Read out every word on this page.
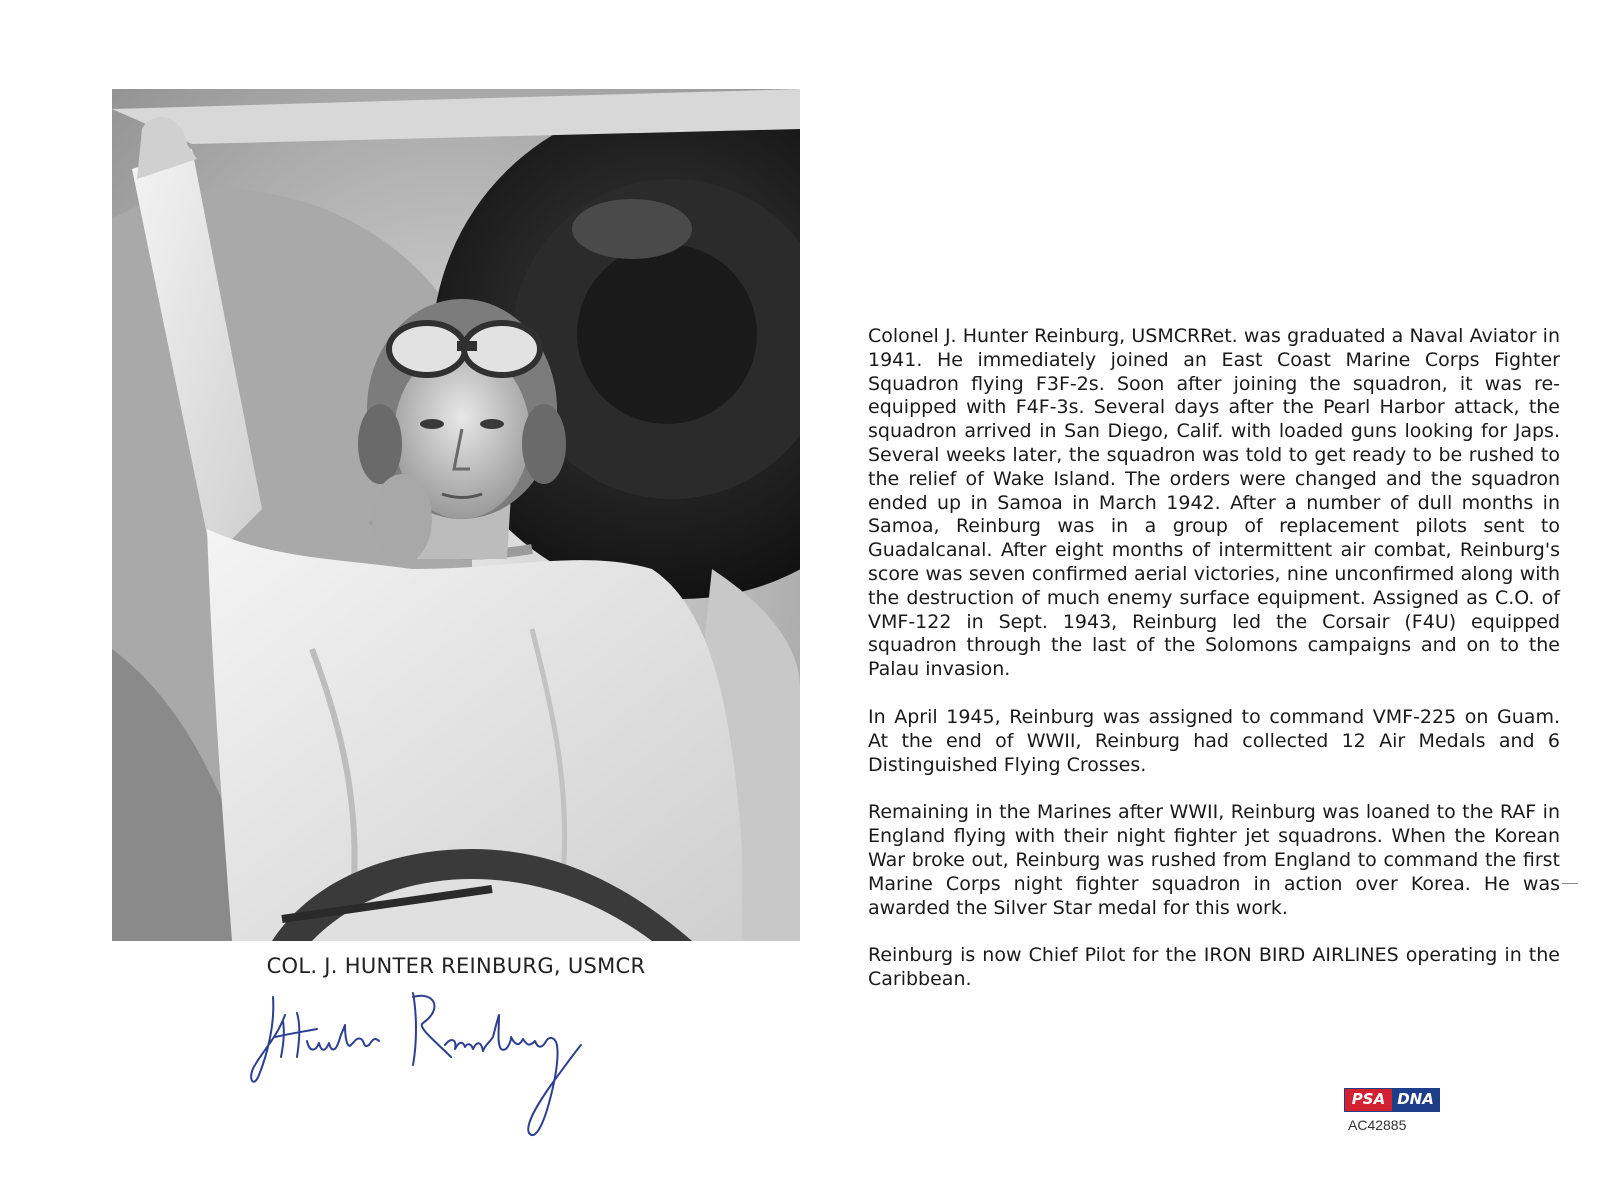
COL. J. HUNTER REINBURG, USMCR

Colonel J. Hunter Reinburg, USMCRRet. was graduated a Naval Aviator in 1941. He immediately joined an East Coast Marine Corps Fighter Squadron flying F3F-2s. Soon after joining the squadron, it was re-equipped with F4F-3s. Several days after the Pearl Harbor attack, the squadron arrived in San Diego, Calif. with loaded guns looking for Japs. Several weeks later, the squadron was told to get ready to be rushed to the relief of Wake Island. The orders were changed and the squadron ended up in Samoa in March 1942. After a number of dull months in Samoa, Reinburg was in a group of replacement pilots sent to Guadalcanal. After eight months of intermittent air combat, Reinburg's score was seven confirmed aerial victories, nine unconfirmed along with the destruction of much enemy surface equipment. Assigned as C.O. of VMF-122 in Sept. 1943, Reinburg led the Corsair (F4U) equipped squadron through the last of the Solomons campaigns and on to the Palau invasion.

In April 1945, Reinburg was assigned to command VMF-225 on Guam. At the end of WWII, Reinburg had collected 12 Air Medals and 6 Distinguished Flying Crosses.

Remaining in the Marines after WWII, Reinburg was loaned to the RAF in England flying with their night fighter jet squadrons. When the Korean War broke out, Reinburg was rushed from England to command the first Marine Corps night fighter squadron in action over Korea. He was awarded the Silver Star medal for this work.

Reinburg is now Chief Pilot for the IRON BIRD AIRLINES operating in the Caribbean.

PSA DNA
AC42885
